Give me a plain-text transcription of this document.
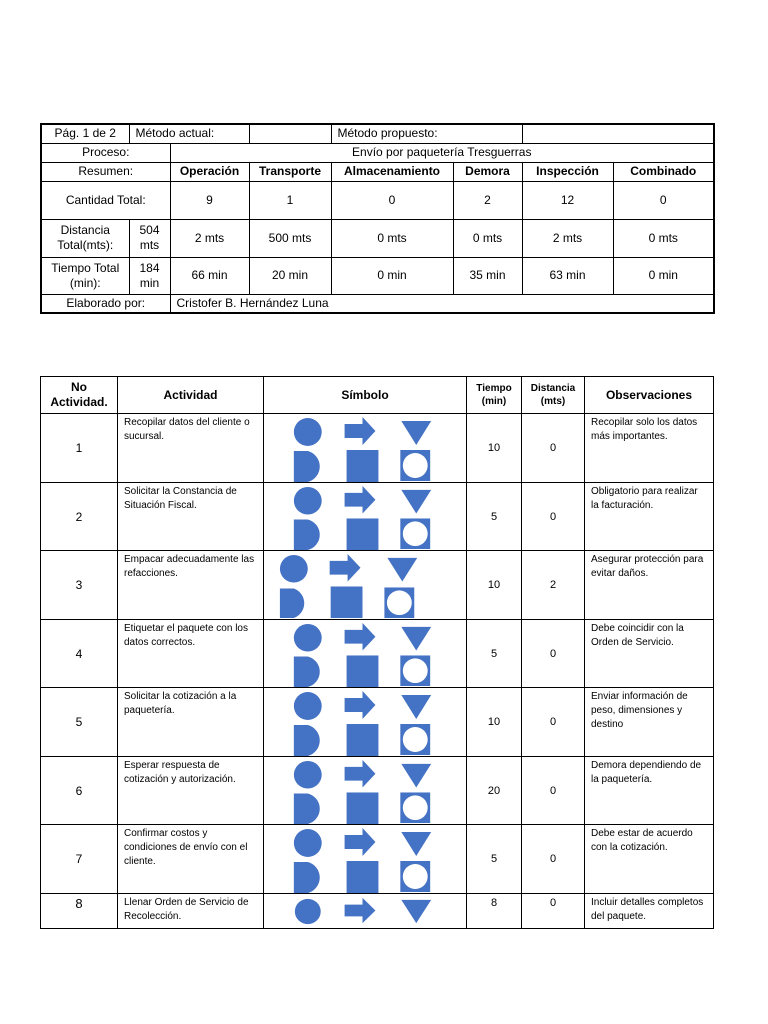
Pág. 1 de 2	Método actual:			Método propuesto:			
Proceso:		Envío por paquetería Tresguerras					
Resumen:		Operación	Transporte	Almacenamiento	Demora	Inspección	Combinado
Cantidad Total:		9	1	0	2	12	0
Distancia Total(mts):	504 mts	2 mts	500 mts	0 mts	0 mts	2 mts	0 mts
Tiempo Total (min):	184 min	66 min	20 min	0 min	35 min	63 min	0 min
Elaborado por:		Cristofer B. Hernández Luna					
No Actividad.	Actividad	Símbolo	Tiempo (min)	Distancia (mts)	Observaciones
1	Recopilar datos del cliente o sucursal.		10	0	Recopilar solo los datos más importantes.
2	Solicitar la Constancia de Situación Fiscal.		5	0	Obligatorio para realizar la facturación.
3	Empacar adecuadamente las refacciones.		10	2	Asegurar protección para evitar daños.
4	Etiquetar el paquete con los datos correctos.		5	0	Debe coincidir con la Orden de Servicio.
5	Solicitar la cotización a la paquetería.		10	0	Enviar información de peso, dimensiones y destino
6	Esperar respuesta de cotización y autorización.		20	0	Demora dependiendo de la paquetería.
7	Confirmar costos y condiciones de envío con el cliente.		5	0	Debe estar de acuerdo con la cotización.
8	Llenar Orden de Servicio de Recolección.		8	0	Incluir detalles completos del paquete.
